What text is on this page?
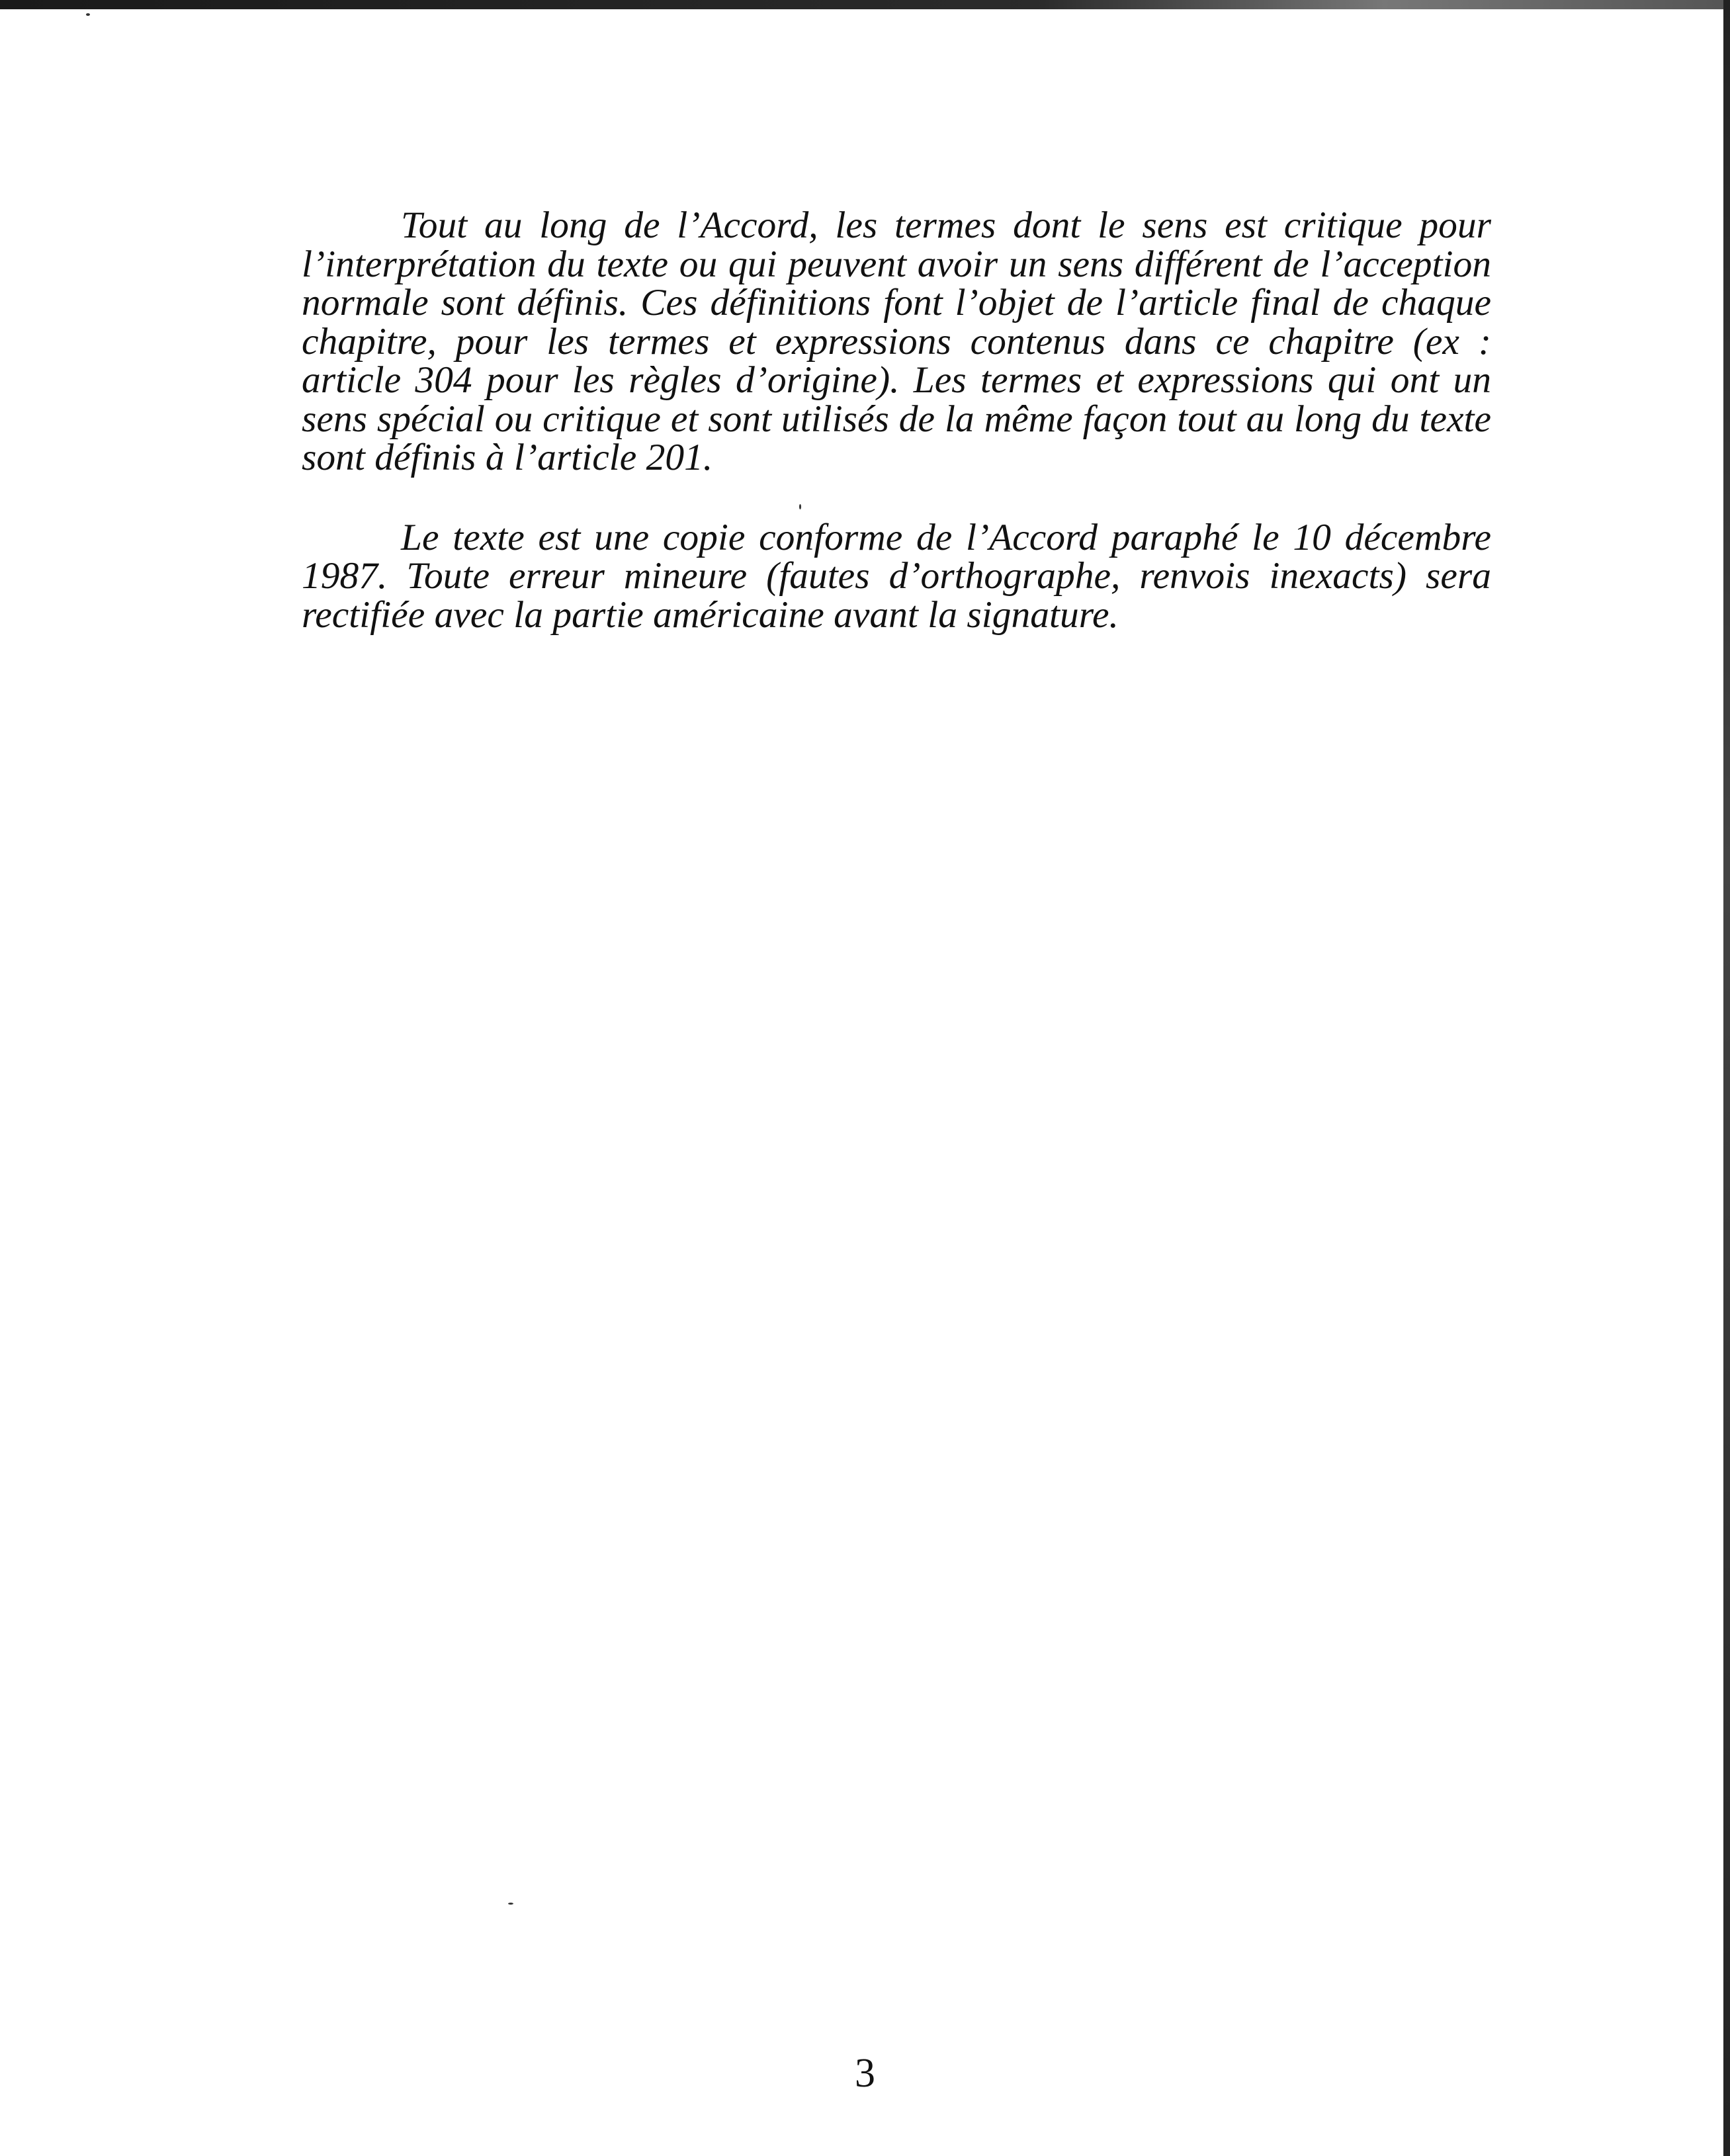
Tout au long de l’Accord, les termes dont le sens est critique pour l’interprétation du texte ou qui peuvent avoir un sens différent de l’acception normale sont définis. Ces définitions font l’objet de l’article final de chaque chapitre, pour les termes et expressions contenus dans ce chapitre (ex : article 304 pour les règles d’origine). Les termes et expressions qui ont un sens spécial ou critique et sont utilisés de la même façon tout au long du texte sont définis à l’article 201.

Le texte est une copie conforme de l’Accord paraphé le 10 décembre 1987. Toute erreur mineure (fautes d’orthographe, renvois inexacts) sera rectifiée avec la partie américaine avant la signature.

3
